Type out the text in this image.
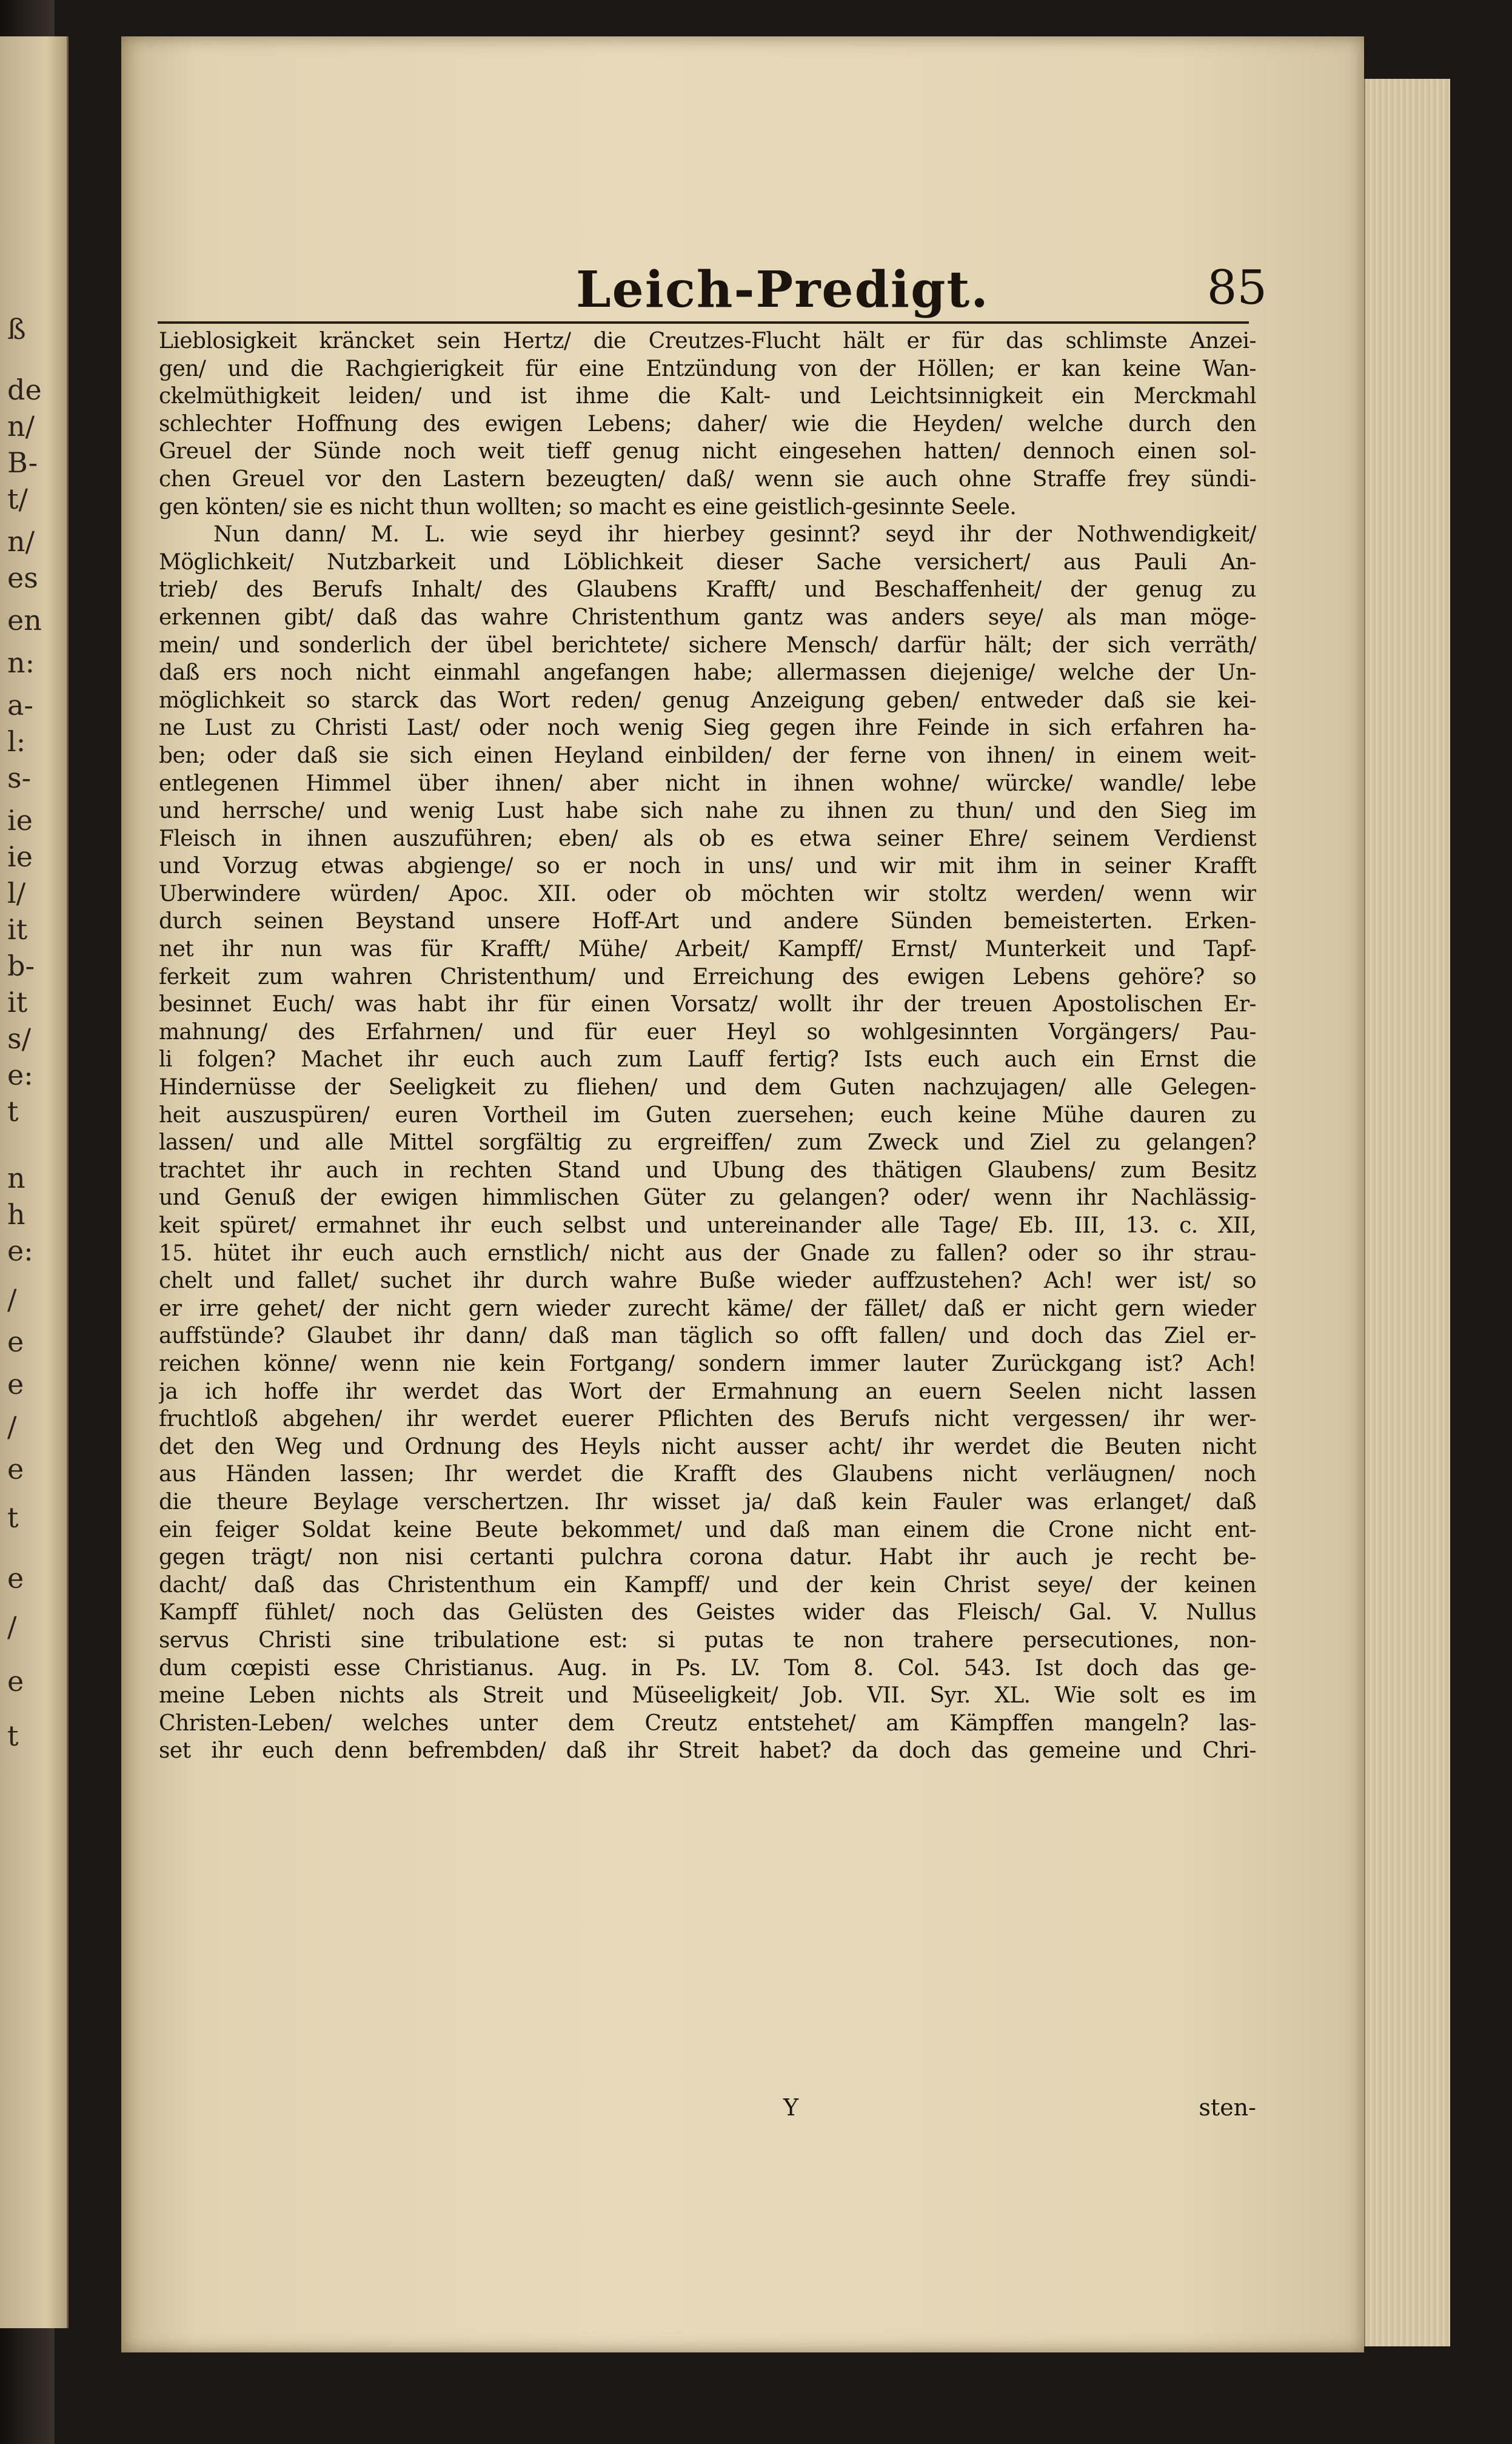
ß
de
n/
B-
t/
n/
es
en
n:
a-
l:
s-
ie
ie
l/
it
b-
it
s/
e:
t
n
h
e:
/
e
e
/
e
t
e
/
e
t
Leich-Predigt.	85
Lieblosigkeit kräncket sein Hertz/ die Creutzes-Flucht hält er für das schlimste Anzei-
gen/ und die Rachgierigkeit für eine Entzündung von der Höllen; er kan keine Wan-
ckelmüthigkeit leiden/ und ist ihme die Kalt- und Leichtsinnigkeit ein Merckmahl
schlechter Hoffnung des ewigen Lebens; daher/ wie die Heyden/ welche durch den
Greuel der Sünde noch weit tieff genug nicht eingesehen hatten/ dennoch einen sol-
chen Greuel vor den Lastern bezeugten/ daß/ wenn sie auch ohne Straffe frey sündi-
gen könten/ sie es nicht thun wollten; so macht es eine geistlich-gesinnte Seele.
Nun dann/ M. L. wie seyd ihr hierbey gesinnt? seyd ihr der Nothwendigkeit/
Möglichkeit/ Nutzbarkeit und Löblichkeit dieser Sache versichert/ aus Pauli An-
trieb/ des Berufs Inhalt/ des Glaubens Krafft/ und Beschaffenheit/ der genug zu
erkennen gibt/ daß das wahre Christenthum gantz was anders seye/ als man möge-
mein/ und sonderlich der übel berichtete/ sichere Mensch/ darfür hält; der sich verräth/
daß ers noch nicht einmahl angefangen habe; allermassen diejenige/ welche der Un-
möglichkeit so starck das Wort reden/ genug Anzeigung geben/ entweder daß sie kei-
ne Lust zu Christi Last/ oder noch wenig Sieg gegen ihre Feinde in sich erfahren ha-
ben; oder daß sie sich einen Heyland einbilden/ der ferne von ihnen/ in einem weit-
entlegenen Himmel über ihnen/ aber nicht in ihnen wohne/ würcke/ wandle/ lebe
und herrsche/ und wenig Lust habe sich nahe zu ihnen zu thun/ und den Sieg im
Fleisch in ihnen auszuführen; eben/ als ob es etwa seiner Ehre/ seinem Verdienst
und Vorzug etwas abgienge/ so er noch in uns/ und wir mit ihm in seiner Krafft
Uberwindere würden/ Apoc. XII. oder ob möchten wir stoltz werden/ wenn wir
durch seinen Beystand unsere Hoff-Art und andere Sünden bemeisterten. Erken-
net ihr nun was für Krafft/ Mühe/ Arbeit/ Kampff/ Ernst/ Munterkeit und Tapf-
ferkeit zum wahren Christenthum/ und Erreichung des ewigen Lebens gehöre? so
besinnet Euch/ was habt ihr für einen Vorsatz/ wollt ihr der treuen Apostolischen Er-
mahnung/ des Erfahrnen/ und für euer Heyl so wohlgesinnten Vorgängers/ Pau-
li folgen? Machet ihr euch auch zum Lauff fertig? Ists euch auch ein Ernst die
Hindernüsse der Seeligkeit zu fliehen/ und dem Guten nachzujagen/ alle Gelegen-
heit auszuspüren/ euren Vortheil im Guten zuersehen; euch keine Mühe dauren zu
lassen/ und alle Mittel sorgfältig zu ergreiffen/ zum Zweck und Ziel zu gelangen?
trachtet ihr auch in rechten Stand und Ubung des thätigen Glaubens/ zum Besitz
und Genuß der ewigen himmlischen Güter zu gelangen? oder/ wenn ihr Nachlässig-
keit spüret/ ermahnet ihr euch selbst und untereinander alle Tage/ Eb. III, 13. c. XII,
15. hütet ihr euch auch ernstlich/ nicht aus der Gnade zu fallen? oder so ihr strau-
chelt und fallet/ suchet ihr durch wahre Buße wieder auffzustehen? Ach! wer ist/ so
er irre gehet/ der nicht gern wieder zurecht käme/ der fället/ daß er nicht gern wieder
auffstünde? Glaubet ihr dann/ daß man täglich so offt fallen/ und doch das Ziel er-
reichen könne/ wenn nie kein Fortgang/ sondern immer lauter Zurückgang ist? Ach!
ja ich hoffe ihr werdet das Wort der Ermahnung an euern Seelen nicht lassen
fruchtloß abgehen/ ihr werdet euerer Pflichten des Berufs nicht vergessen/ ihr wer-
det den Weg und Ordnung des Heyls nicht ausser acht/ ihr werdet die Beuten nicht
aus Händen lassen; Ihr werdet die Krafft des Glaubens nicht verläugnen/ noch
die theure Beylage verschertzen. Ihr wisset ja/ daß kein Fauler was erlanget/ daß
ein feiger Soldat keine Beute bekommet/ und daß man einem die Crone nicht ent-
gegen trägt/ non nisi certanti pulchra corona datur. Habt ihr auch je recht be-
dacht/ daß das Christenthum ein Kampff/ und der kein Christ seye/ der keinen
Kampff fühlet/ noch das Gelüsten des Geistes wider das Fleisch/ Gal. V. Nullus
servus Christi sine tribulatione est: si putas te non trahere persecutiones, non-
dum cœpisti esse Christianus. Aug. in Ps. LV. Tom 8. Col. 543. Ist doch das ge-
meine Leben nichts als Streit und Müseeligkeit/ Job. VII. Syr. XL. Wie solt es im
Christen-Leben/ welches unter dem Creutz entstehet/ am Kämpffen mangeln? las-
set ihr euch denn befrembden/ daß ihr Streit habet? da doch das gemeine und Chri-
Y	sten-
